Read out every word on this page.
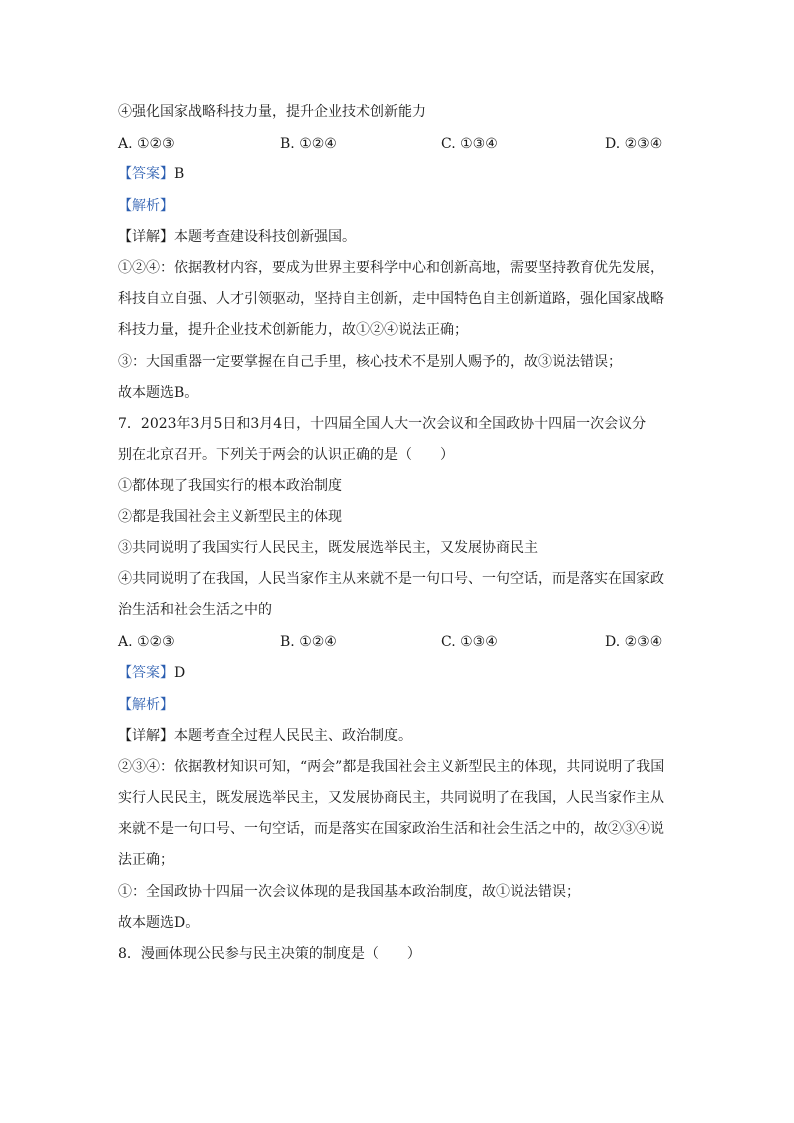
④强化国家战略科技力量，提升企业技术创新能力
A. ①②③	B. ①②④	C. ①③④	D. ②③④
【答案】B
【解析】
【详解】本题考查建设科技创新强国。
①②④：依据教材内容，要成为世界主要科学中心和创新高地，需要坚持教育优先发展，
科技自立自强、人才引领驱动，坚持自主创新，走中国特色自主创新道路，强化国家战略
科技力量，提升企业技术创新能力，故①②④说法正确；
③：大国重器一定要掌握在自己手里，核心技术不是别人赐予的，故③说法错误；
故本题选B。
7．2023年3月5日和3月4日，十四届全国人大一次会议和全国政协十四届一次会议分
别在北京召开。下列关于两会的认识正确的是（　　）
①都体现了我国实行的根本政治制度
②都是我国社会主义新型民主的体现
③共同说明了我国实行人民民主，既发展选举民主，又发展协商民主
④共同说明了在我国，人民当家作主从来就不是一句口号、一句空话，而是落实在国家政
治生活和社会生活之中的
A. ①②③	B. ①②④	C. ①③④	D. ②③④
【答案】D
【解析】
【详解】本题考查全过程人民民主、政治制度。
②③④：依据教材知识可知，“两会”都是我国社会主义新型民主的体现，共同说明了我国
实行人民民主，既发展选举民主，又发展协商民主，共同说明了在我国，人民当家作主从
来就不是一句口号、一句空话，而是落实在国家政治生活和社会生活之中的，故②③④说
法正确；
①：全国政协十四届一次会议体现的是我国基本政治制度，故①说法错误；
故本题选D。
8．漫画体现公民参与民主决策的制度是（　　）
